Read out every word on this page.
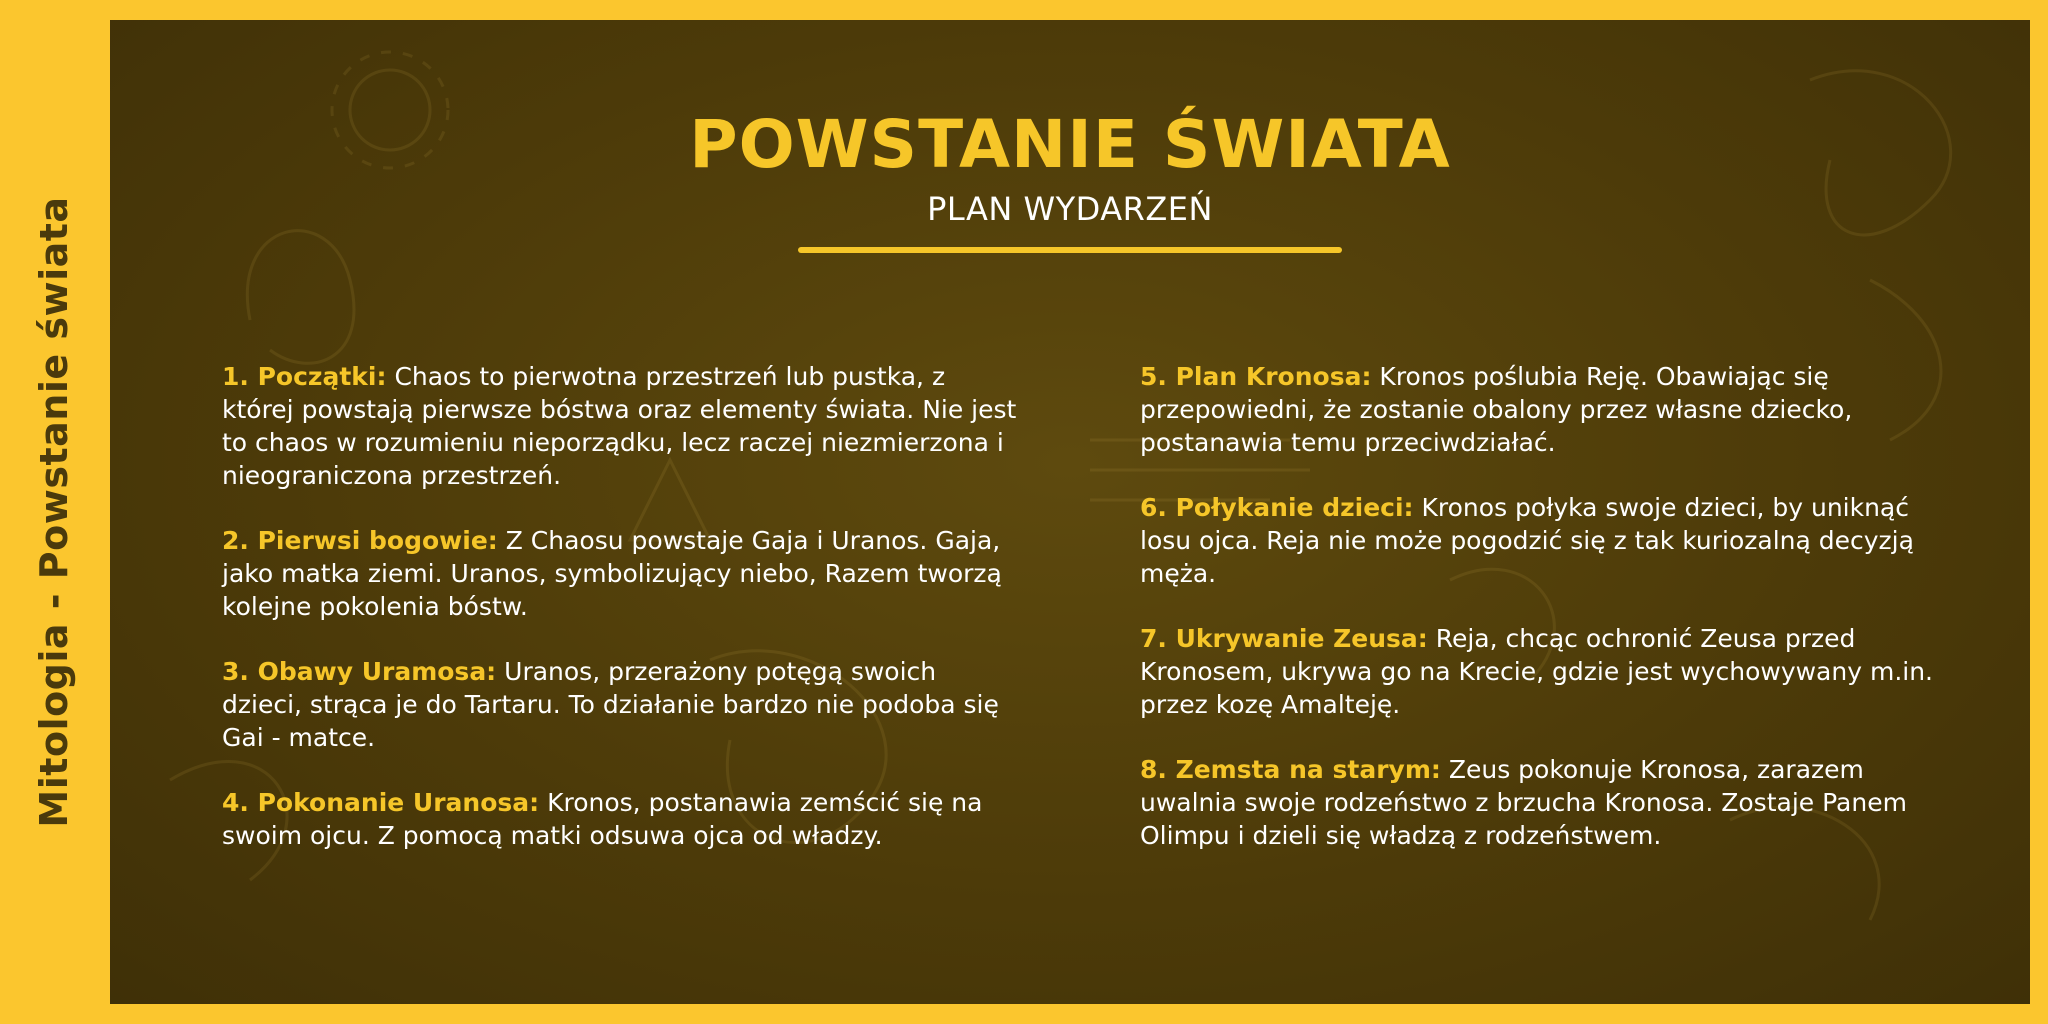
Mitologia - Powstanie świata
POWSTANIE ŚWIATA
PLAN WYDARZEŃ

1. Początki: Chaos to pierwotna przestrzeń lub pustka, z której powstają pierwsze bóstwa oraz elementy świata. Nie jest to chaos w rozumieniu nieporządku, lecz raczej niezmierzona i nieograniczona przestrzeń.

2. Pierwsi bogowie: Z Chaosu powstaje Gaja i Uranos. Gaja, jako matka ziemi. Uranos, symbolizujący niebo, Razem tworzą kolejne pokolenia bóstw.

3. Obawy Uramosa: Uranos, przerażony potęgą swoich dzieci, strąca je do Tartaru. To działanie bardzo nie podoba się Gai - matce.

4. Pokonanie Uranosa: Kronos, postanawia zemścić się na swoim ojcu. Z pomocą matki odsuwa ojca od władzy.

5. Plan Kronosa: Kronos poślubia Reję. Obawiając się przepowiedni, że zostanie obalony przez własne dziecko, postanawia temu przeciwdziałać.

6. Połykanie dzieci: Kronos połyka swoje dzieci, by uniknąć losu ojca. Reja nie może pogodzić się z tak kuriozalną decyzją męża.

7. Ukrywanie Zeusa: Reja, chcąc ochronić Zeusa przed Kronosem, ukrywa go na Krecie, gdzie jest wychowywany m.in. przez kozę Amalteję.

8. Zemsta na starym: Zeus pokonuje Kronosa, zarazem uwalnia swoje rodzeństwo z brzucha Kronosa. Zostaje Panem Olimpu i dzieli się władzą z rodzeństwem.
